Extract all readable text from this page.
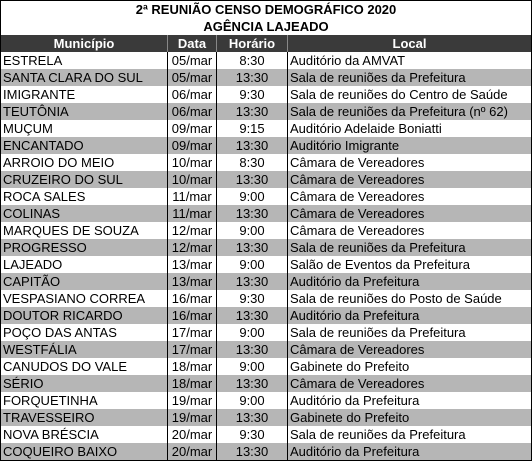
2ª REUNIÃO CENSO DEMOGRÁFICO 2020
AGÊNCIA LAJEADO
Município	Data	Horário	Local
ESTRELA	05/mar	8:30	Auditório da AMVAT
SANTA CLARA DO SUL	05/mar	13:30	Sala de reuniões da Prefeitura
IMIGRANTE	06/mar	9:30	Sala de reuniões do Centro de Saúde
TEUTÔNIA	06/mar	13:30	Sala de reuniões da Prefeitura (nº 62)
MUÇUM	09/mar	9:15	Auditório Adelaide Boniatti
ENCANTADO	09/mar	13:30	Auditório Imigrante
ARROIO DO MEIO	10/mar	8:30	Câmara de Vereadores
CRUZEIRO DO SUL	10/mar	13:30	Câmara de Vereadores
ROCA SALES	11/mar	9:00	Câmara de Vereadores
COLINAS	11/mar	13:30	Câmara de Vereadores
MARQUES DE SOUZA	12/mar	9:00	Câmara de Vereadores
PROGRESSO	12/mar	13:30	Sala de reuniões da Prefeitura
LAJEADO	13/mar	9:00	Salão de Eventos da Prefeitura
CAPITÃO	13/mar	13:30	Auditório da Prefeitura
VESPASIANO CORREA	16/mar	9:30	Sala de reuniões do Posto de Saúde
DOUTOR RICARDO	16/mar	13:30	Auditório da Prefeitura
POÇO DAS ANTAS	17/mar	9:00	Sala de reuniões da Prefeitura
WESTFÁLIA	17/mar	13:30	Câmara de Vereadores
CANUDOS DO VALE	18/mar	9:00	Gabinete do Prefeito
SÉRIO	18/mar	13:30	Câmara de Vereadores
FORQUETINHA	19/mar	9:00	Auditório da Prefeitura
TRAVESSEIRO	19/mar	13:30	Gabinete do Prefeito
NOVA BRÉSCIA	20/mar	9:30	Sala de reuniões da Prefeitura
COQUEIRO BAIXO	20/mar	13:30	Auditório da Prefeitura
